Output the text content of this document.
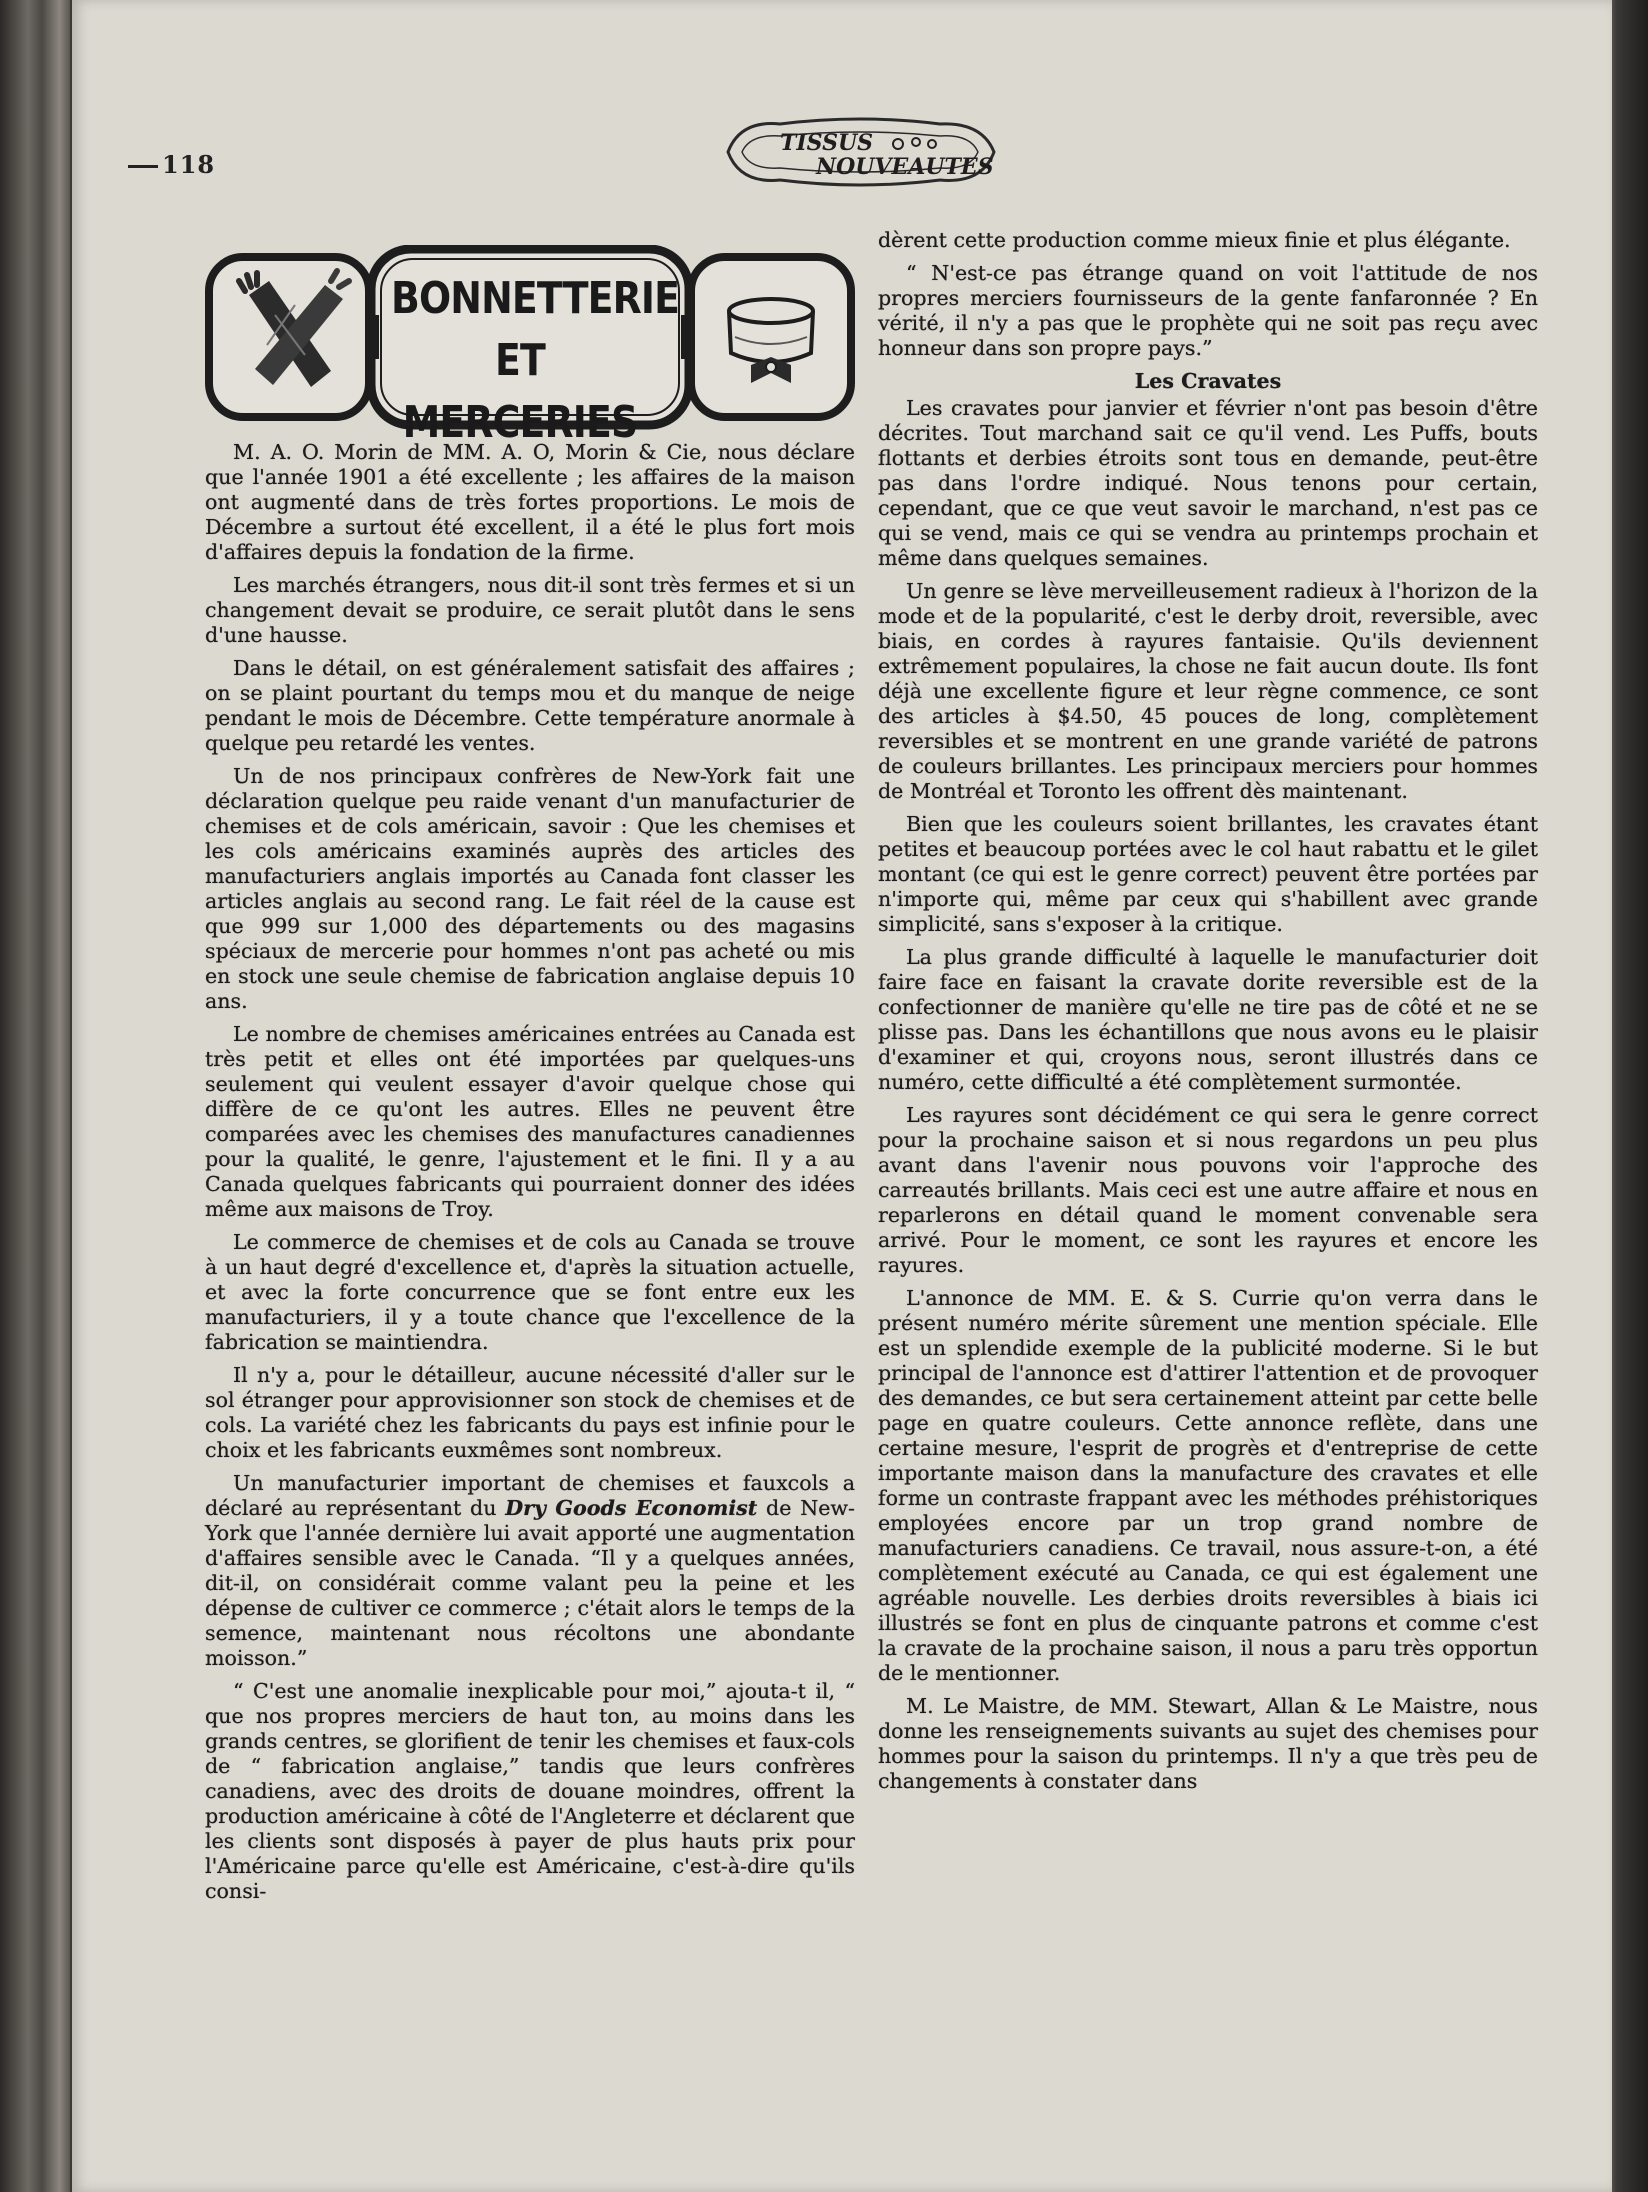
118
TISSUS
NOUVEAUTES
BONNETTERIE
ET MERCERIES

M. A. O. Morin de MM. A. O, Morin & Cie, nous déclare que l'année 1901 a été excellente ; les affaires de la maison ont augmenté dans de très fortes proportions. Le mois de Décembre a surtout été excellent, il a été le plus fort mois d'affaires depuis la fondation de la firme.

Les marchés étrangers, nous dit-il sont très fermes et si un changement devait se produire, ce serait plutôt dans le sens d'une hausse.

Dans le détail, on est généralement satisfait des affaires ; on se plaint pourtant du temps mou et du manque de neige pendant le mois de Décembre. Cette température anormale à quelque peu retardé les ventes.

Un de nos principaux confrères de New-York fait une déclaration quelque peu raide venant d'un manufacturier de chemises et de cols américain, savoir : Que les chemises et les cols américains examinés auprès des articles des manufacturiers anglais importés au Canada font classer les articles anglais au second rang. Le fait réel de la cause est que 999 sur 1,000 des départements ou des magasins spéciaux de mercerie pour hommes n'ont pas acheté ou mis en stock une seule chemise de fabrication anglaise depuis 10 ans.

Le nombre de chemises américaines entrées au Canada est très petit et elles ont été importées par quelques-uns seulement qui veulent essayer d'avoir quelque chose qui diffère de ce qu'ont les autres. Elles ne peuvent être comparées avec les chemises des manufactures canadiennes pour la qualité, le genre, l'ajustement et le fini. Il y a au Canada quelques fabricants qui pourraient donner des idées même aux maisons de Troy.

Le commerce de chemises et de cols au Canada se trouve à un haut degré d'excellence et, d'après la situation actuelle, et avec la forte concurrence que se font entre eux les manufacturiers, il y a toute chance que l'excellence de la fabrication se maintiendra.

Il n'y a, pour le détailleur, aucune nécessité d'aller sur le sol étranger pour approvisionner son stock de chemises et de cols. La variété chez les fabricants du pays est infinie pour le choix et les fabricants euxmêmes sont nombreux.

Un manufacturier important de chemises et fauxcols a déclaré au représentant du Dry Goods Economist de New-York que l'année dernière lui avait apporté une augmentation d'affaires sensible avec le Canada. “Il y a quelques années, dit-il, on considérait comme valant peu la peine et les dépense de cultiver ce commerce ; c'était alors le temps de la semence, maintenant nous récoltons une abondante moisson.”

“ C'est une anomalie inexplicable pour moi,” ajouta-t il, “ que nos propres merciers de haut ton, au moins dans les grands centres, se glorifient de tenir les chemises et faux-cols de “ fabrication anglaise,” tandis que leurs confrères canadiens, avec des droits de douane moindres, offrent la production américaine à côté de l'Angleterre et déclarent que les clients sont disposés à payer de plus hauts prix pour l'Américaine parce qu'elle est Américaine, c'est-à-dire qu'ils consi-

dèrent cette production comme mieux finie et plus élégante.

“ N'est-ce pas étrange quand on voit l'attitude de nos propres merciers fournisseurs de la gente fanfaronnée ? En vérité, il n'y a pas que le prophète qui ne soit pas reçu avec honneur dans son propre pays.”

Les Cravates

Les cravates pour janvier et février n'ont pas besoin d'être décrites. Tout marchand sait ce qu'il vend. Les Puffs, bouts flottants et derbies étroits sont tous en demande, peut-être pas dans l'ordre indiqué. Nous tenons pour certain, cependant, que ce que veut savoir le marchand, n'est pas ce qui se vend, mais ce qui se vendra au printemps prochain et même dans quelques semaines.

Un genre se lève merveilleusement radieux à l'horizon de la mode et de la popularité, c'est le derby droit, reversible, avec biais, en cordes à rayures fantaisie. Qu'ils deviennent extrêmement populaires, la chose ne fait aucun doute. Ils font déjà une excellente figure et leur règne commence, ce sont des articles à $4.50, 45 pouces de long, complètement reversibles et se montrent en une grande variété de patrons de couleurs brillantes. Les principaux merciers pour hommes de Montréal et Toronto les offrent dès maintenant.

Bien que les couleurs soient brillantes, les cravates étant petites et beaucoup portées avec le col haut rabattu et le gilet montant (ce qui est le genre correct) peuvent être portées par n'importe qui, même par ceux qui s'habillent avec grande simplicité, sans s'exposer à la critique.

La plus grande difficulté à laquelle le manufacturier doit faire face en faisant la cravate dorite reversible est de la confectionner de manière qu'elle ne tire pas de côté et ne se plisse pas. Dans les échantillons que nous avons eu le plaisir d'examiner et qui, croyons nous, seront illustrés dans ce numéro, cette difficulté a été complètement surmontée.

Les rayures sont décidément ce qui sera le genre correct pour la prochaine saison et si nous regardons un peu plus avant dans l'avenir nous pouvons voir l'approche des carreautés brillants. Mais ceci est une autre affaire et nous en reparlerons en détail quand le moment convenable sera arrivé. Pour le moment, ce sont les rayures et encore les rayures.

L'annonce de MM. E. & S. Currie qu'on verra dans le présent numéro mérite sûrement une mention spéciale. Elle est un splendide exemple de la publicité moderne. Si le but principal de l'annonce est d'attirer l'attention et de provoquer des demandes, ce but sera certainement atteint par cette belle page en quatre couleurs. Cette annonce reflète, dans une certaine mesure, l'esprit de progrès et d'entreprise de cette importante maison dans la manufacture des cravates et elle forme un contraste frappant avec les méthodes préhistoriques employées encore par un trop grand nombre de manufacturiers canadiens. Ce travail, nous assure-t-on, a été complètement exécuté au Canada, ce qui est également une agréable nouvelle. Les derbies droits reversibles à biais ici illustrés se font en plus de cinquante patrons et comme c'est la cravate de la prochaine saison, il nous a paru très opportun de le mentionner.

M. Le Maistre, de MM. Stewart, Allan & Le Maistre, nous donne les renseignements suivants au sujet des chemises pour hommes pour la saison du printemps. Il n'y a que très peu de changements à constater dans
